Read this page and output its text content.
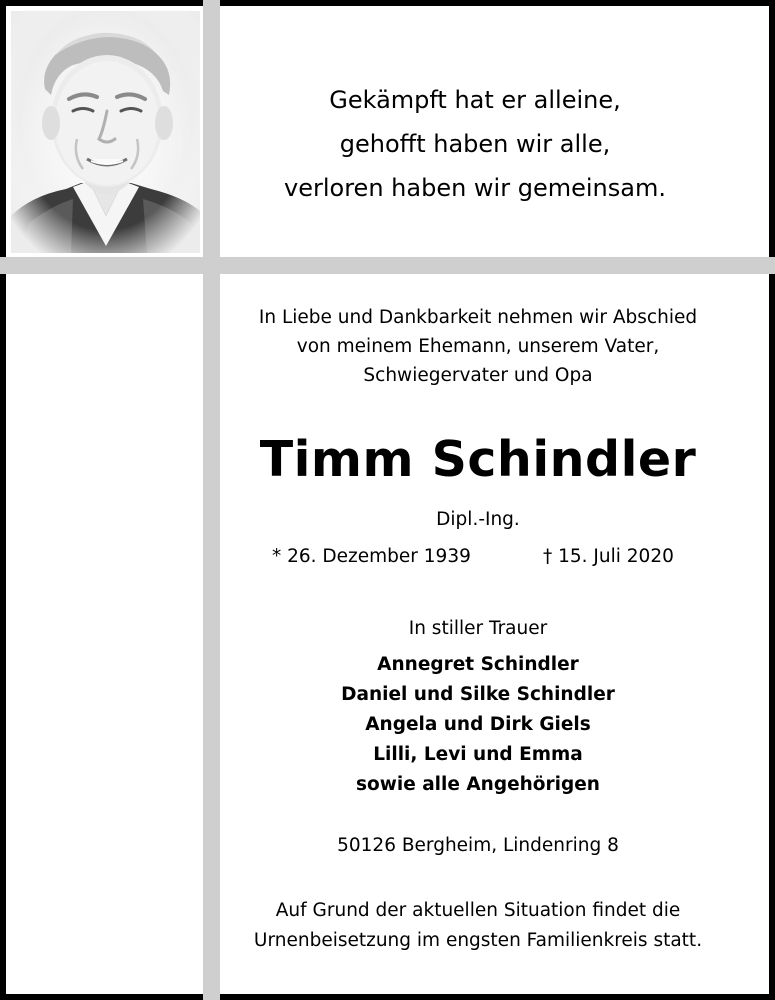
Gekämpft hat er alleine,
gehofft haben wir alle,
verloren haben wir gemeinsam.
In Liebe und Dankbarkeit nehmen wir Abschied
von meinem Ehemann, unserem Vater,
Schwiegervater und Opa
Timm Schindler
Dipl.-Ing.
* 26. Dezember 1939	† 15. Juli 2020
In stiller Trauer
Annegret Schindler
Daniel und Silke Schindler
Angela und Dirk Giels
Lilli, Levi und Emma
sowie alle Angehörigen
50126 Bergheim, Lindenring 8
Auf Grund der aktuellen Situation findet die
Urnenbeisetzung im engsten Familienkreis statt.
